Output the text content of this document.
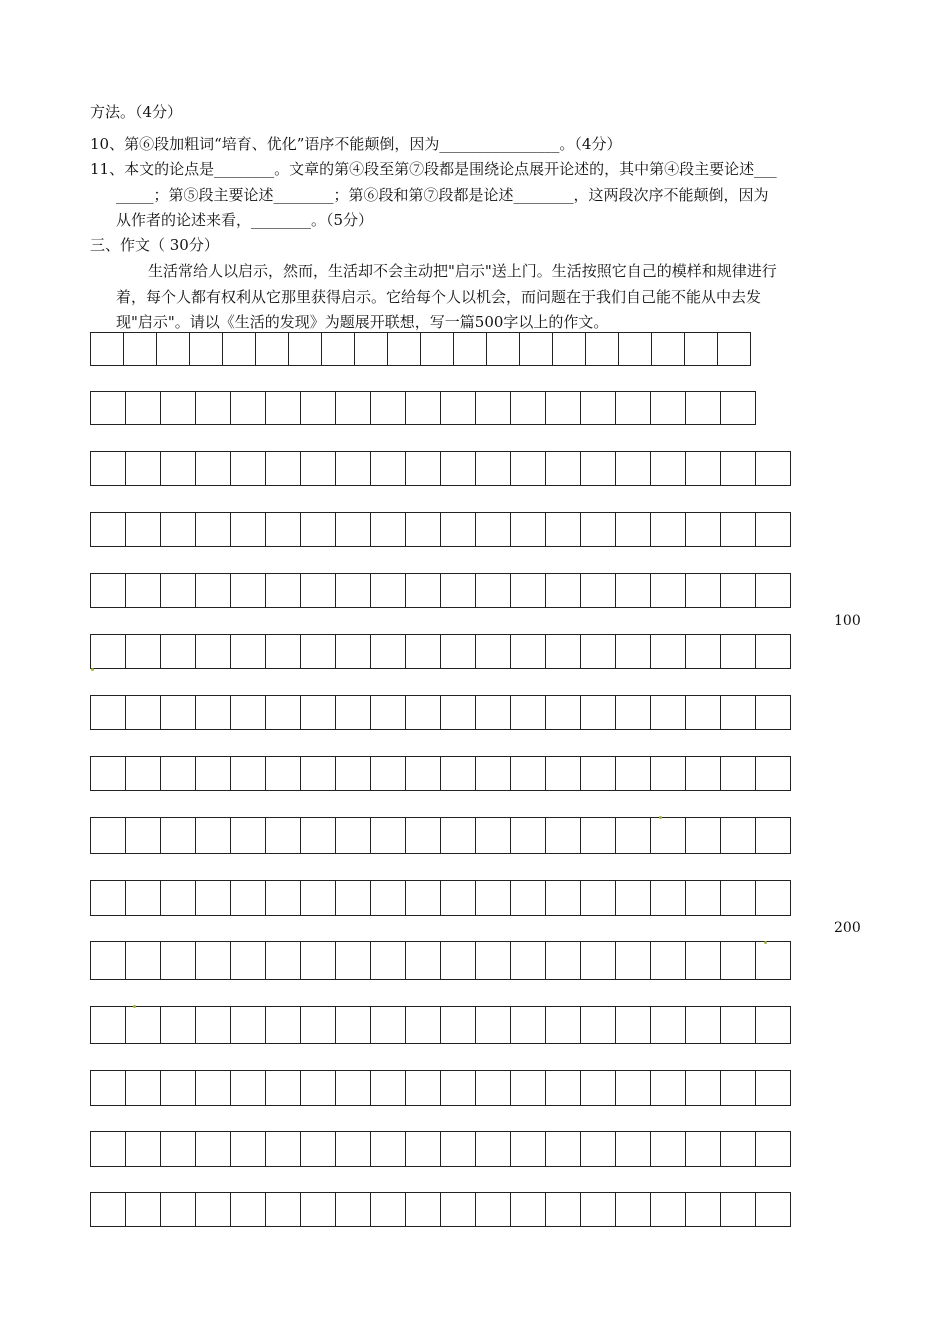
方法。（4分）
10、第⑥段加粗词“培育、优化”语序不能颠倒，因为________________。（4分）
11、本文的论点是________。文章的第④段至第⑦段都是围绕论点展开论述的，其中第④段主要论述___
_____；第⑤段主要论述________；第⑥段和第⑦段都是论述________，这两段次序不能颠倒，因为
从作者的论述来看，________。（5分）
三、作文（ 30分）
生活常给人以启示，然而，生活却不会主动把"启示"送上门。生活按照它自己的模样和规律进行
着，每个人都有权利从它那里获得启示。它给每个人以机会，而问题在于我们自己能不能从中去发
现"启示"。请以《生活的发现》为题展开联想，写一篇500字以上的作文。
100
200
